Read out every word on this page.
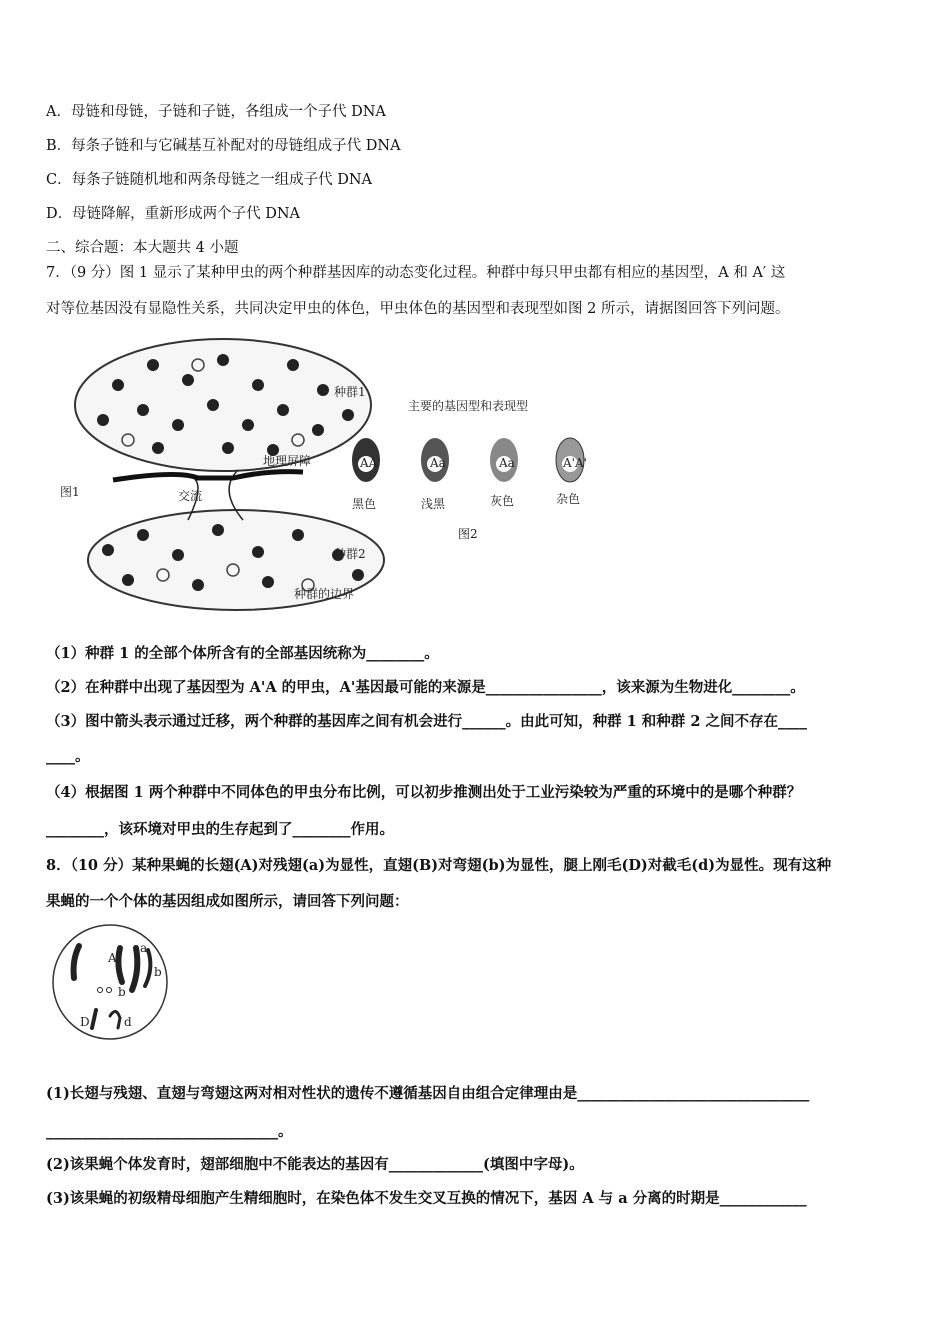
A．母链和母链，子链和子链，各组成一个子代 DNA
B．每条子链和与它碱基互补配对的母链组成子代 DNA
C．每条子链随机地和两条母链之一组成子代 DNA
D．母链降解，重新形成两个子代 DNA
二、综合题：本大题共 4 小题
7．（9 分）图 1 显示了某种甲虫的两个种群基因库的动态变化过程。种群中每只甲虫都有相应的基因型，A 和 A′ 这
对等位基因没有显隐性关系，共同决定甲虫的体色，甲虫体色的基因型和表现型如图 2 所示，请据图回答下列问题。
种群1
种群2
地理屏障
交流
种群的边界
图1
主要的基因型和表现型
AA	Aa	Aa	A'A'
黑色	浅黑	灰色	杂色
图2
（1）种群 1 的全部个体所含有的全部基因统称为________。
（2）在种群中出现了基因型为 A'A 的甲虫，A'基因最可能的来源是________________，该来源为生物进化________。
（3）图中箭头表示通过迁移，两个种群的基因库之间有机会进行______。由此可知，种群 1 和种群 2 之间不存在____
____。
（4）根据图 1 两个种群中不同体色的甲虫分布比例，可以初步推测出处于工业污染较为严重的环境中的是哪个种群？
________，该环境对甲虫的生存起到了________作用。
8．（10 分）某种果蝇的长翅(A)对残翅(a)为显性，直翅(B)对弯翅(b)为显性，腿上刚毛(D)对截毛(d)为显性。现有这种
果蝇的一个个体的基因组成如图所示，请回答下列问题：
A
a
b
b
D	d
(1)长翅与残翅、直翅与弯翅这两对相对性状的遗传不遵循基因自由组合定律理由是________________________________
________________________________。
(2)该果蝇个体发育时，翅部细胞中不能表达的基因有_____________(填图中字母)。
(3)该果蝇的初级精母细胞产生精细胞时，在染色体不发生交叉互换的情况下，基因 A 与 a 分离的时期是____________
